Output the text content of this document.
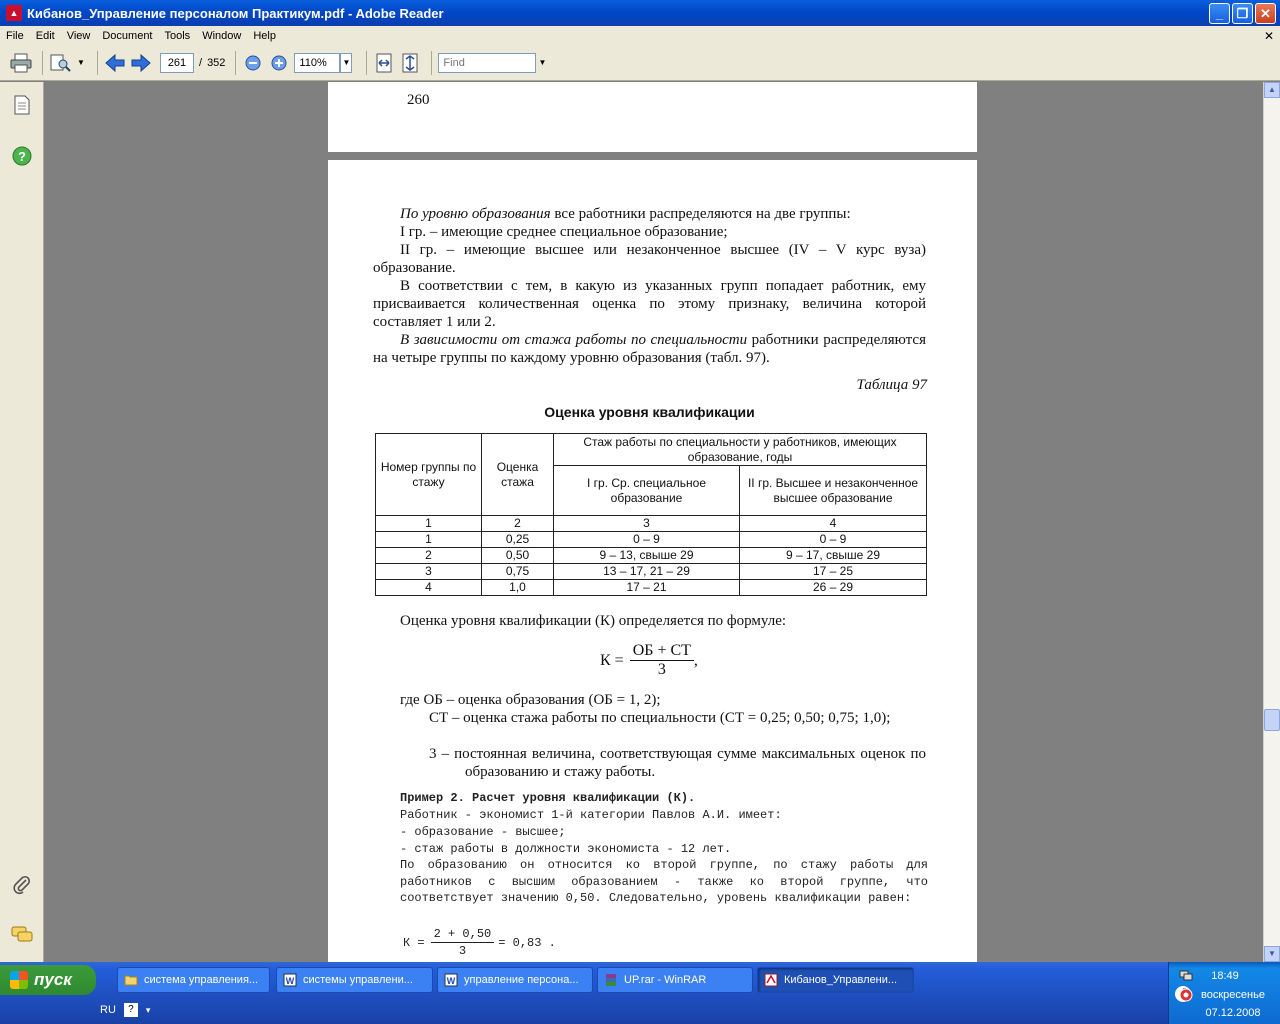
▲ Кибанов_Управление персоналом Практикум.pdf - Adobe Reader	_	❐ ✕
File	Edit	View	Document	Tools	Window	Help	✕
▼
261	/ 352
110%	▼
Find	▼
?
260
По уровню образования все работники распределяются на две группы:
I гр. – имеющие среднее специальное образование;
II гр. – имеющие высшее или незаконченное высшее (IV – V курс вуза) образование.
В соответствии с тем, в какую из указанных групп попадает работник, ему присваивается количественная оценка по этому признаку, величина которой составляет 1 или 2.
В зависимости от стажа работы по специальности работники распределяются на четыре группы по каждому уровню образования (табл. 97).
Таблица 97
Оценка уровня квалификации
Номер группы по стажу	Оценка стажа	Стаж работы по специальности у работников, имеющих образование, годы	
		I гр. Ср. специальное образование	II гр. Высшее и незаконченное высшее образование
1	2	3	4
1	0,25	0 – 9	0 – 9
2	0,50	9 – 13, свыше 29	9 – 17, свыше 29
3	0,75	13 – 17, 21 – 29	17 – 25
4	1,0	17 – 21	26 – 29
Оценка уровня квалификации (К) определяется по формуле:
К =
ОБ + СТ
3
,
где ОБ – оценка образования (ОБ = 1, 2);
СТ – оценка стажа работы по специальности (СТ = 0,25; 0,50; 0,75; 1,0);
3 – постоянная величина, соответствующая сумме максимальных оценок по образованию и стажу работы.
Пример 2. Расчет уровня квалификации (К).
Работник - экономист 1-й категории Павлов А.И. имеет:
- образование - высшее;
- стаж работы в должности экономиста - 12 лет.
По образованию он относится ко второй группе, по стажу работы для работников с высшим образованием - также ко второй группе, что соответствует значению 0,50. Следовательно, уровень квалификации равен:
$К = \frac{2 + 0,50}{3} = 0,83$ .
▲
▼
пуск	система управления...	W системы управлени...	W управление персона...	UP.rar - WinRAR	Кибанов_Управлени...
RU	?	▾
18:49
воскресенье
07.12.2008
